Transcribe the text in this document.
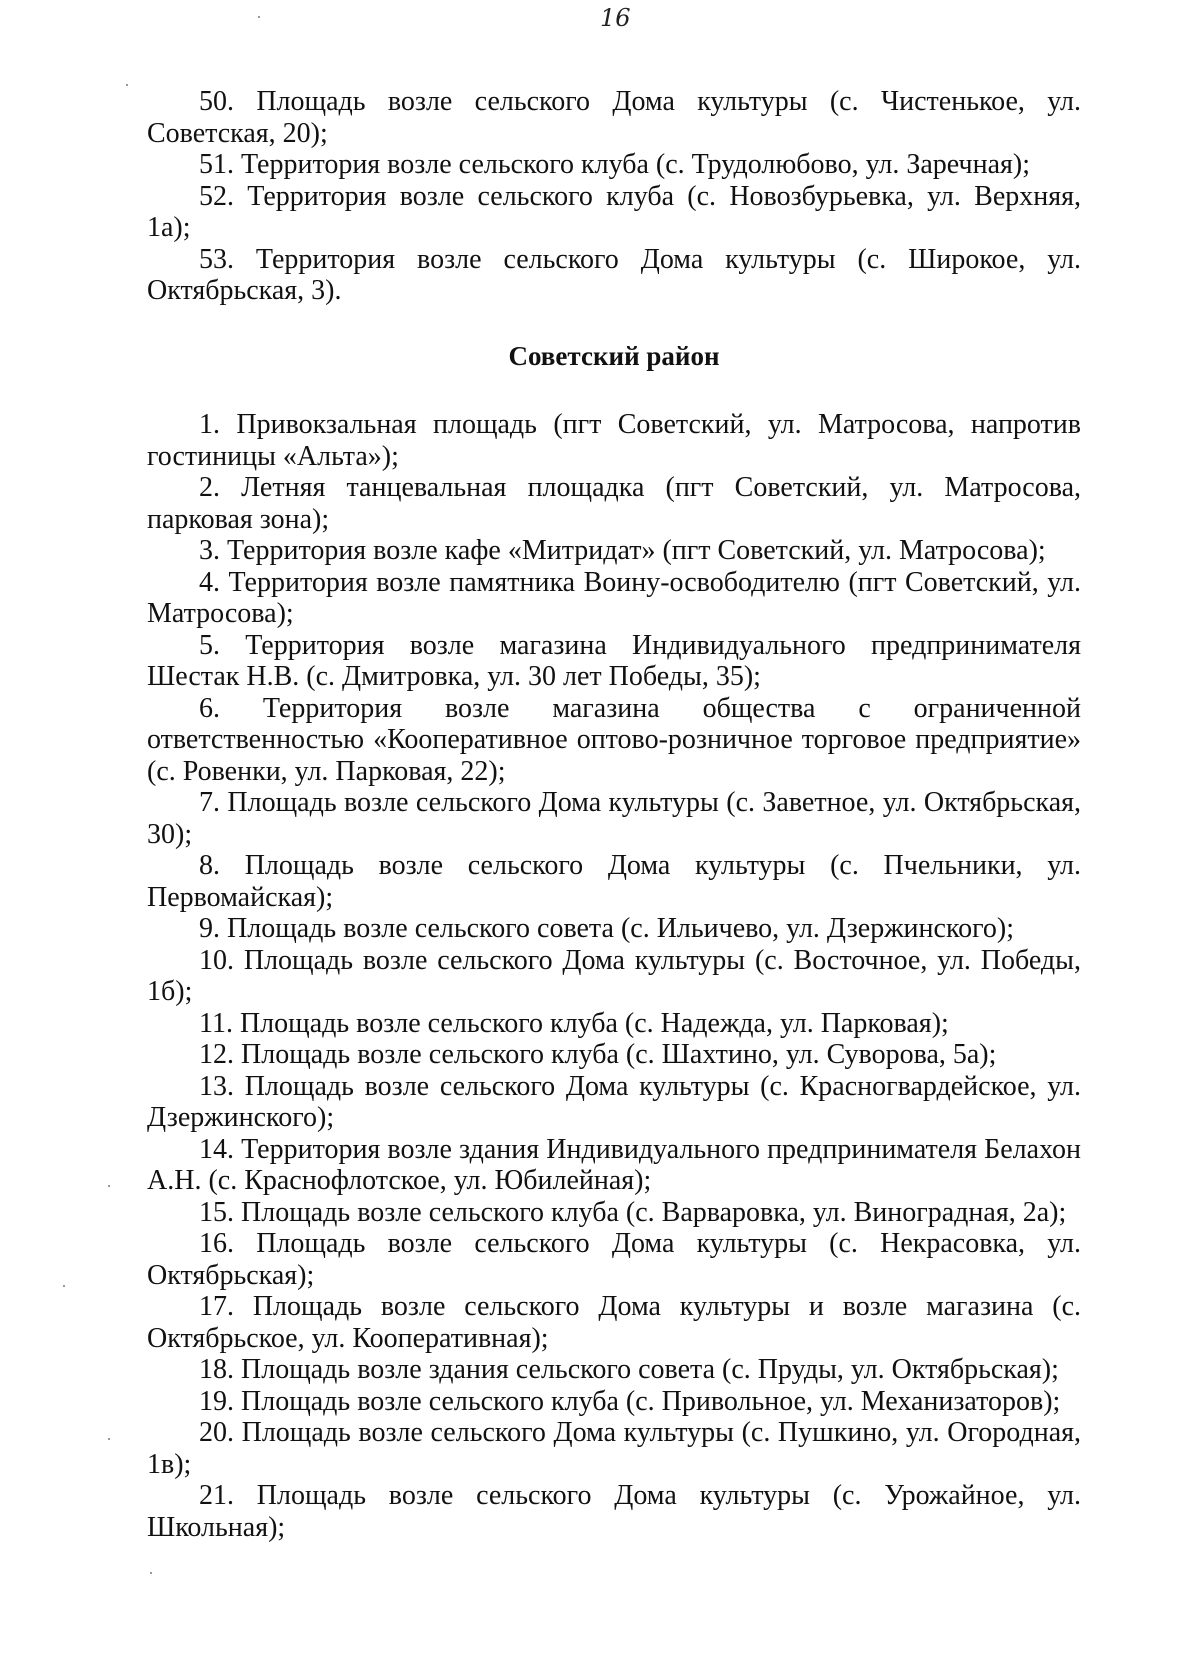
16

50. Площадь возле сельского Дома культуры (с. Чистенькое, ул. Советская, 20);

51. Территория возле сельского клуба (с. Трудолюбово, ул. Заречная);

52. Территория возле сельского клуба (с. Новозбурьевка, ул. Верхняя, 1а);

53. Территория возле сельского Дома культуры (с. Широкое, ул. Октябрьская, 3).

Советский район

1. Привокзальная площадь (пгт Советский, ул. Матросова, напротив гостиницы «Альта»);

2. Летняя танцевальная площадка (пгт Советский, ул. Матросова, парковая зона);

3. Территория возле кафе «Митридат» (пгт Советский, ул. Матросова);

4. Территория возле памятника Воину-освободителю (пгт Советский, ул. Матросова);

5. Территория возле магазина Индивидуального предпринимателя Шестак Н.В. (с. Дмитровка, ул. 30 лет Победы, 35);

6. Территория возле магазина общества с ограниченной ответственностью «Кооперативное оптово-розничное торговое предприятие» (с. Ровенки, ул. Парковая, 22);

7. Площадь возле сельского Дома культуры (с. Заветное, ул. Октябрьская, 30);

8. Площадь возле сельского Дома культуры (с. Пчельники, ул. Первомайская);

9. Площадь возле сельского совета (с. Ильичево, ул. Дзержинского);

10. Площадь возле сельского Дома культуры (с. Восточное, ул. Победы, 1б);

11. Площадь возле сельского клуба (с. Надежда, ул. Парковая);

12. Площадь возле сельского клуба (с. Шахтино, ул. Суворова, 5а);

13. Площадь возле сельского Дома культуры (с. Красногвардейское, ул. Дзержинского);

14. Территория возле здания Индивидуального предпринимателя Белахон А.Н. (с. Краснофлотское, ул. Юбилейная);

15. Площадь возле сельского клуба (с. Варваровка, ул. Виноградная, 2а);

16. Площадь возле сельского Дома культуры (с. Некрасовка, ул. Октябрьская);

17. Площадь возле сельского Дома культуры и возле магазина (с. Октябрьское, ул. Кооперативная);

18. Площадь возле здания сельского совета (с. Пруды, ул. Октябрьская);

19. Площадь возле сельского клуба (с. Привольное, ул. Механизаторов);

20. Площадь возле сельского Дома культуры (с. Пушкино, ул. Огородная, 1в);

21. Площадь возле сельского Дома культуры (с. Урожайное, ул. Школьная);
